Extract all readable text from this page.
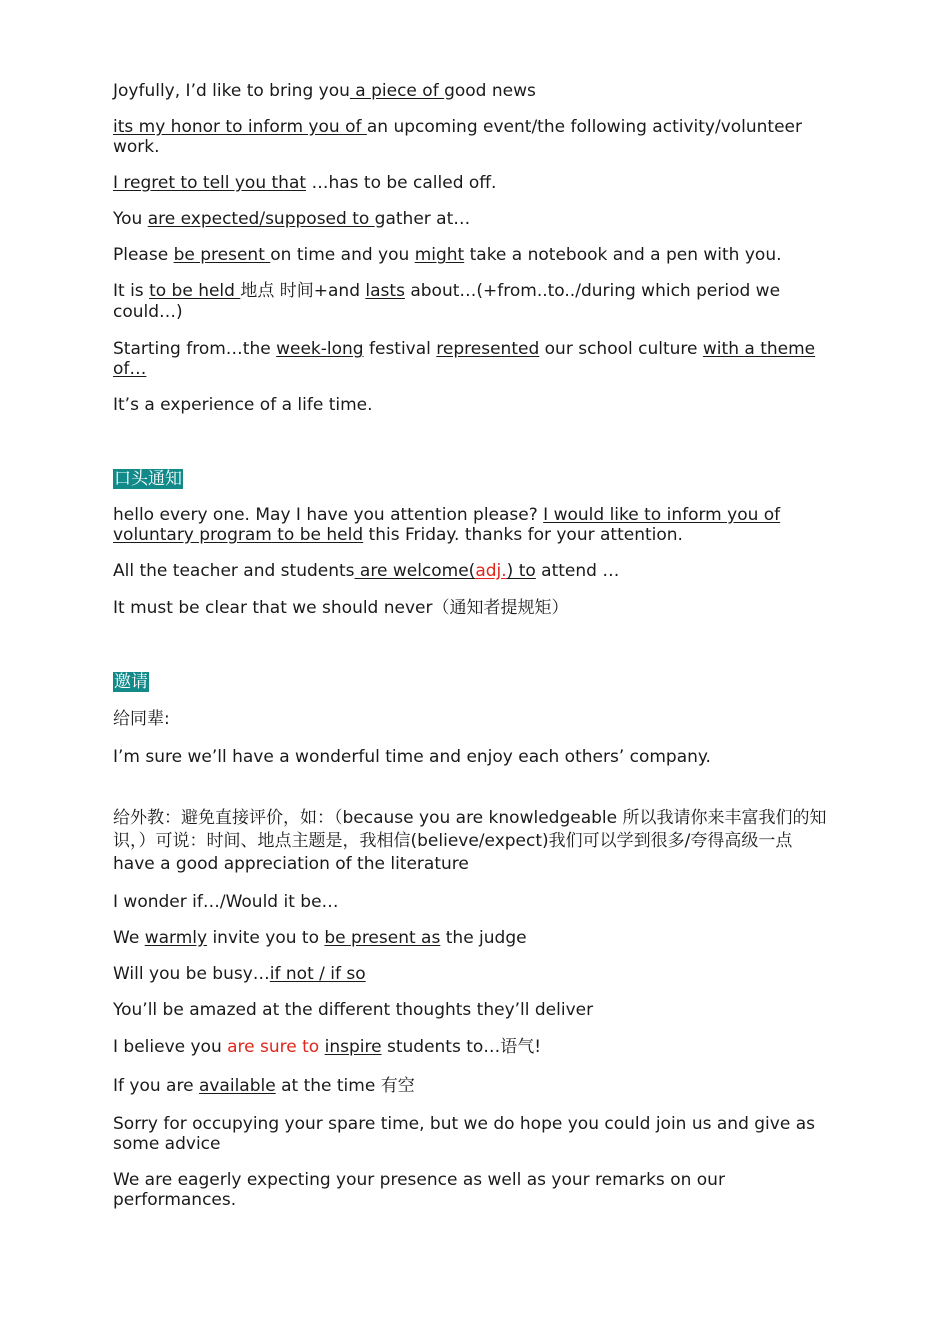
Joyfully, I’d like to bring you a piece of good news

its my honor to inform you of an upcoming event/the following activity/volunteer work.

I regret to tell you that …has to be called off.

You are expected/supposed to gather at…

Please be present on time and you might take a notebook and a pen with you.

It is to be held 地点 时间+and lasts about…(+from..to../during which period we could…)

Starting from…the week-long festival represented our school culture with a theme of…

It’s a experience of a life time.

口头通知

hello every one. May I have you attention please? I would like to inform you of voluntary program to be held this Friday. thanks for your attention.

All the teacher and students are welcome(adj.) to attend …

It must be clear that we should never（通知者提规矩）

邀请

给同辈:

I’m sure we’ll have a wonderful time and enjoy each others’ company.

给外教：避免直接评价，如：（because you are knowledgeable 所以我请你来丰富我们的知识，）可说：时间、地点主题是，我相信(believe/expect)我们可以学到很多/夸得高级一点have a good appreciation of the literature

I wonder if…/Would it be…

We warmly invite you to be present as the judge

Will you be busy…if not / if so

You’ll be amazed at the different thoughts they’ll deliver

I believe you are sure to inspire students to…语气!

If you are available at the time 有空

Sorry for occupying your spare time, but we do hope you could join us and give as some advice

We are eagerly expecting your presence as well as your remarks on our performances.
